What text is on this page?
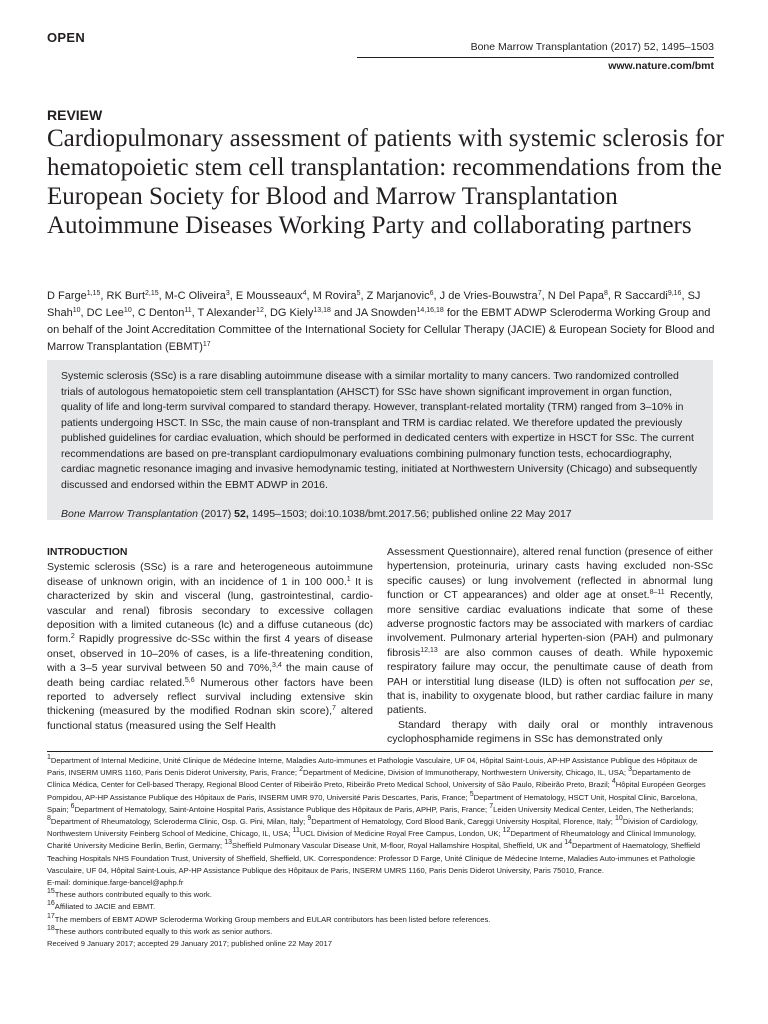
OPEN
Bone Marrow Transplantation (2017) 52, 1495–1503
www.nature.com/bmt
REVIEW
Cardiopulmonary assessment of patients with systemic sclerosis for hematopoietic stem cell transplantation: recommendations from the European Society for Blood and Marrow Transplantation Autoimmune Diseases Working Party and collaborating partners
D Farge$^{1,15}$, RK Burt$^{2,15}$, M-C Oliveira$^3$, E Mousseaux$^4$, M Rovira$^5$, Z Marjanovic$^6$, J de Vries-Bouwstra$^7$, N Del Papa$^8$, R Saccardi$^{9,16}$, SJ Shah$^{10}$, DC Lee$^{10}$, C Denton$^{11}$, T Alexander$^{12}$, DG Kiely$^{13,18}$ and JA Snowden$^{14,16,18}$ for the EBMT ADWP Scleroderma Working Group and on behalf of the Joint Accreditation Committee of the International Society for Cellular Therapy (JACIE) & European Society for Blood and Marrow Transplantation (EBMT)$^{17}$
Systemic sclerosis (SSc) is a rare disabling autoimmune disease with a similar mortality to many cancers. Two randomized controlled trials of autologous hematopoietic stem cell transplantation (AHSCT) for SSc have shown significant improvement in organ function, quality of life and long-term survival compared to standard therapy. However, transplant-related mortality (TRM) ranged from 3–10% in patients undergoing HSCT. In SSc, the main cause of non-transplant and TRM is cardiac related. We therefore updated the previously published guidelines for cardiac evaluation, which should be performed in dedicated centers with expertize in HSCT for SSc. The current recommendations are based on pre-transplant cardiopulmonary evaluations combining pulmonary function tests, echocardiography, cardiac magnetic resonance imaging and invasive hemodynamic testing, initiated at Northwestern University (Chicago) and subsequently discussed and endorsed within the EBMT ADWP in 2016.
Bone Marrow Transplantation (2017) 52, 1495–1503; doi:10.1038/bmt.2017.56; published online 22 May 2017
INTRODUCTION

Systemic sclerosis (SSc) is a rare and heterogeneous autoimmune disease of unknown origin, with an incidence of 1 in 100 000.$^1$ It is characterized by skin and visceral (lung, gastrointestinal, cardio-vascular and renal) fibrosis secondary to excessive collagen deposition with a limited cutaneous (lc) and a diffuse cutaneous (dc) form.$^2$ Rapidly progressive dc-SSc within the first 4 years of disease onset, observed in 10–20% of cases, is a life-threatening condition, with a 3–5 year survival between 50 and 70%,$^{3,4}$ the main cause of death being cardiac related.$^{5,6}$ Numerous other factors have been reported to adversely reflect survival including extensive skin thickening (measured by the modified Rodnan skin score),$^7$ altered functional status (measured using the Self Health

Assessment Questionnaire), altered renal function (presence of either hypertension, proteinuria, urinary casts having excluded non-SSc specific causes) or lung involvement (reflected in abnormal lung function or CT appearances) and older age at onset.$^{8-11}$ Recently, more sensitive cardiac evaluations indicate that some of these adverse prognostic factors may be associated with markers of cardiac involvement. Pulmonary arterial hyperten-sion (PAH) and pulmonary fibrosis$^{12,13}$ are also common causes of death. While hypoxemic respiratory failure may occur, the penultimate cause of death from PAH or interstitial lung disease (ILD) is often not suffocation per se, that is, inability to oxygenate blood, but rather cardiac failure in many patients.

Standard therapy with daily oral or monthly intravenous cyclophosphamide regimens in SSc has demonstrated only

$^1$Department of Internal Medicine, Unité Clinique de Médecine Interne, Maladies Auto-immunes et Pathologie Vasculaire, UF 04, Hôpital Saint-Louis, AP-HP Assistance Publique des Hôpitaux de Paris, INSERM UMRS 1160, Paris Denis Diderot University, Paris, France; $^2$Department of Medicine, Division of Immunotherapy, Northwestern University, Chicago, IL, USA; $^3$Departamento de Clínica Médica, Center for Cell-based Therapy, Regional Blood Center of Ribeirão Preto, Ribeirão Preto Medical School, University of São Paulo, Ribeirão Preto, Brazil; $^4$Hôpital Européen Georges Pompidou, AP-HP Assistance Publique des Hôpitaux de Paris, INSERM UMR 970, Université Paris Descartes, Paris, France; $^5$Department of Hematology, HSCT Unit, Hospital Clinic, Barcelona, Spain; $^6$Department of Hematology, Saint-Antoine Hospital Paris, Assistance Publique des Hôpitaux de Paris, APHP, Paris, France; $^7$Leiden University Medical Center, Leiden, The Netherlands; $^8$Department of Rheumatology, Scleroderma Clinic, Osp. G. Pini, Milan, Italy; $^9$Department of Hematology, Cord Blood Bank, Careggi University Hospital, Florence, Italy; $^{10}$Division of Cardiology, Northwestern University Feinberg School of Medicine, Chicago, IL, USA; $^{11}$UCL Division of Medicine Royal Free Campus, London, UK; $^{12}$Department of Rheumatology and Clinical Immunology, Charité University Medicine Berlin, Berlin, Germany; $^{13}$Sheffield Pulmonary Vascular Disease Unit, M-floor, Royal Hallamshire Hospital, Sheffield, UK and $^{14}$Department of Haematology, Sheffield Teaching Hospitals NHS Foundation Trust, University of Sheffield, Sheffield, UK. Correspondence: Professor D Farge, Unité Clinique de Médecine Interne, Maladies Auto-immunes et Pathologie Vasculaire, UF 04, Hôpital Saint-Louis, AP-HP Assistance Publique des Hôpitaux de Paris, INSERM UMRS 1160, Paris Denis Diderot University, Paris 75010, France.

E-mail: dominique.farge-bancel@aphp.fr

$^{15}$These authors contributed equally to this work.

$^{16}$Affiliated to JACIE and EBMT.

$^{17}$The members of EBMT ADWP Scleroderma Working Group members and EULAR contributors has been listed before references.

$^{18}$These authors contributed equally to this work as senior authors.

Received 9 January 2017; accepted 29 January 2017; published online 22 May 2017
